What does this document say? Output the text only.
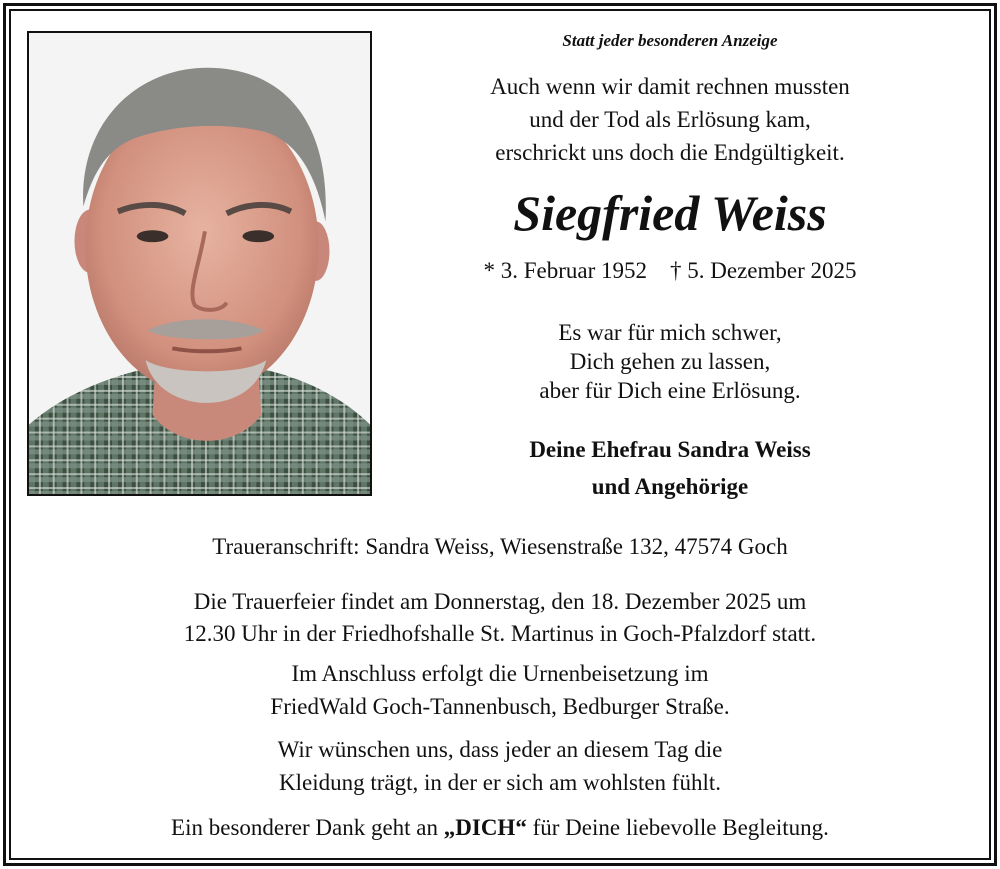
Statt jeder besonderen Anzeige

Auch wenn wir damit rechnen mussten

und der Tod als Erlösung kam,

erschrickt uns doch die Endgültigkeit.

Siegfried Weiss

* 3. Februar 1952 † 5. Dezember 2025

Es war für mich schwer,

Dich gehen zu lassen,

aber für Dich eine Erlösung.

Deine Ehefrau Sandra Weiss

und Angehörige

Traueranschrift: Sandra Weiss, Wiesenstraße 132, 47574 Goch

Die Trauerfeier findet am Donnerstag, den 18. Dezember 2025 um

12.30 Uhr in der Friedhofshalle St. Martinus in Goch-Pfalzdorf statt.

Im Anschluss erfolgt die Urnenbeisetzung im

FriedWald Goch-Tannenbusch, Bedburger Straße.

Wir wünschen uns, dass jeder an diesem Tag die

Kleidung trägt, in der er sich am wohlsten fühlt.

Ein besonderer Dank geht an „DICH“ für Deine liebevolle Begleitung.
